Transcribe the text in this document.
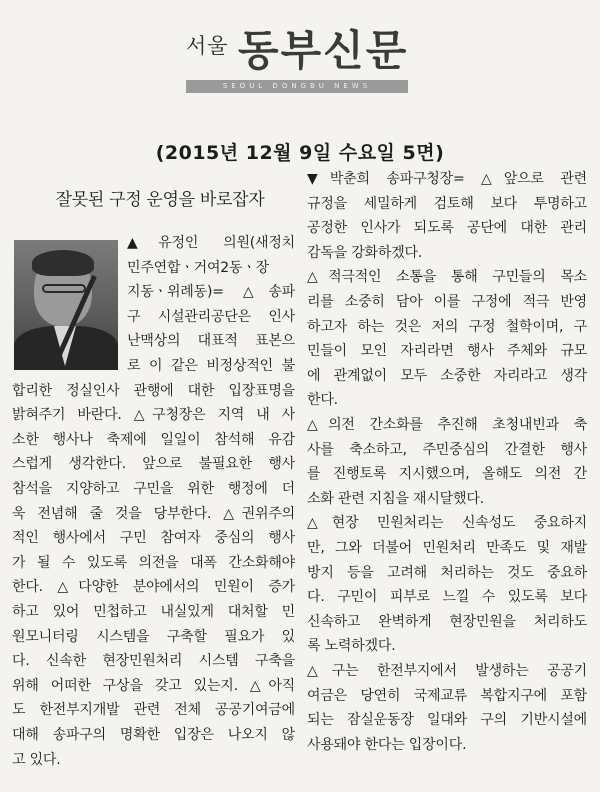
서울 동부신문
SEOUL DONGBU NEWS
(2015년 12월 9일 수요일 5면)
잘못된 구정 운영을 바로잡자
▲유정인 의원(새정치
민주연합ㆍ거여2동ㆍ장
지동ㆍ위례동)= △송파
구 시설관리공단은 인사
난맥상의 대표적 표본으
로 이 같은 비정상적인 불
합리한 정실인사 관행에 대한 입장표명을
밝혀주기 바란다. △구청장은 지역 내 사
소한 행사나 축제에 일일이 참석해 유감
스럽게 생각한다. 앞으로 불필요한 행사
참석을 지양하고 구민을 위한 행정에 더
욱 전념해 줄 것을 당부한다. △권위주의
적인 행사에서 구민 참여자 중심의 행사
가 될 수 있도록 의전을 대폭 간소화해야
한다. △다양한 분야에서의 민원이 증가
하고 있어 민첩하고 내실있게 대처할 민
원모니터링 시스템을 구축할 필요가 있
다. 신속한 현장민원처리 시스템 구축을
위해 어떠한 구상을 갖고 있는지. △아직
도 한전부지개발 관련 전체 공공기여금에
대해 송파구의 명확한 입장은 나오지 않
고 있다.
▼박춘희 송파구청장= △앞으로 관련
규정을 세밀하게 검토해 보다 투명하고
공정한 인사가 되도록 공단에 대한 관리
감독을 강화하겠다.
△적극적인 소통을 통해 구민들의 목소
리를 소중히 담아 이를 구정에 적극 반영
하고자 하는 것은 저의 구정 철학이며, 구
민들이 모인 자리라면 행사 주체와 규모
에 관계없이 모두 소중한 자리라고 생각
한다.
△의전 간소화를 추진해 초청내빈과 축
사를 축소하고, 주민중심의 간결한 행사
를 진행토록 지시했으며, 올해도 의전 간
소화 관련 지침을 재시달했다.
△현장 민원처리는 신속성도 중요하지
만, 그와 더불어 민원처리 만족도 및 재발
방지 등을 고려해 처리하는 것도 중요하
다. 구민이 피부로 느낄 수 있도록 보다
신속하고 완벽하게 현장민원을 처리하도
록 노력하겠다.
△구는 한전부지에서 발생하는 공공기
여금은 당연히 국제교류 복합지구에 포함
되는 잠실운동장 일대와 구의 기반시설에
사용돼야 한다는 입장이다.
